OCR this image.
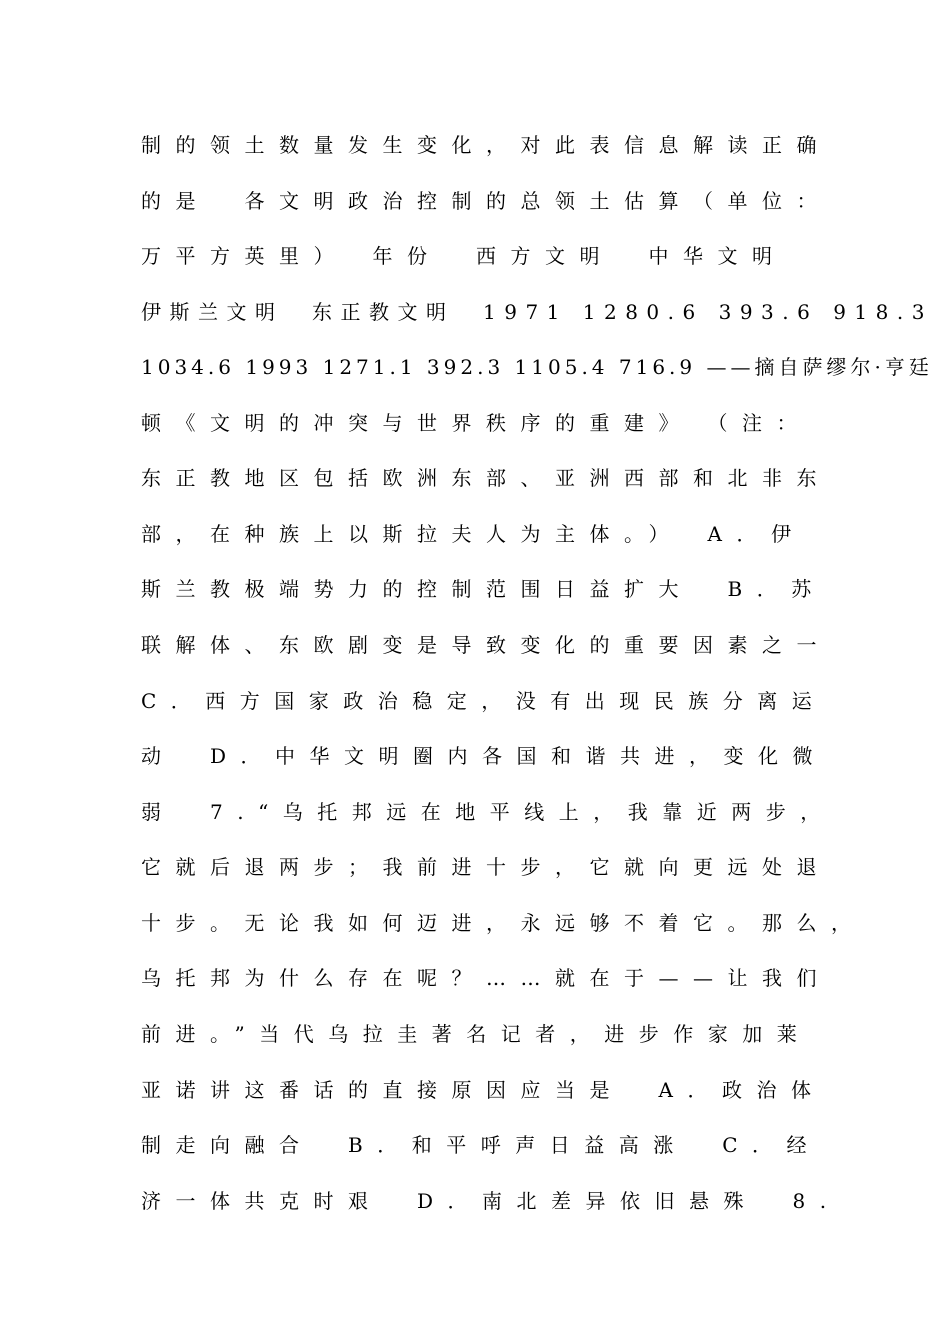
制的领土数量发生变化，对此表信息解读正确
的是　各文明政治控制的总领土估算（单位：
万平方英里）　年份　西方文明　中华文明
伊斯兰文明　东正教文明　1971 1280.6 393.6 918.3
1034.6 1993 1271.1 392.3 1105.4 716.9 ——摘自萨缪尔·亨廷
顿《文明的冲突与世界秩序的重建》　（注：
东正教地区包括欧洲东部、亚洲西部和北非东
部，在种族上以斯拉夫人为主体。）　A．伊
斯兰教极端势力的控制范围日益扩大　B．苏
联解体、东欧剧变是导致变化的重要因素之一
C．西方国家政治稳定，没有出现民族分离运
动　D．中华文明圈内各国和谐共进，变化微
弱　7.“乌托邦远在地平线上，我靠近两步，
它就后退两步；我前进十步，它就向更远处退
十步。无论我如何迈进，永远够不着它。那么，
乌托邦为什么存在呢？……就在于——让我们
前进。”当代乌拉圭著名记者，进步作家加莱
亚诺讲这番话的直接原因应当是　A．政治体
制走向融合　B．和平呼声日益高涨　C．经
济一体共克时艰　D．南北差异依旧悬殊　8.
